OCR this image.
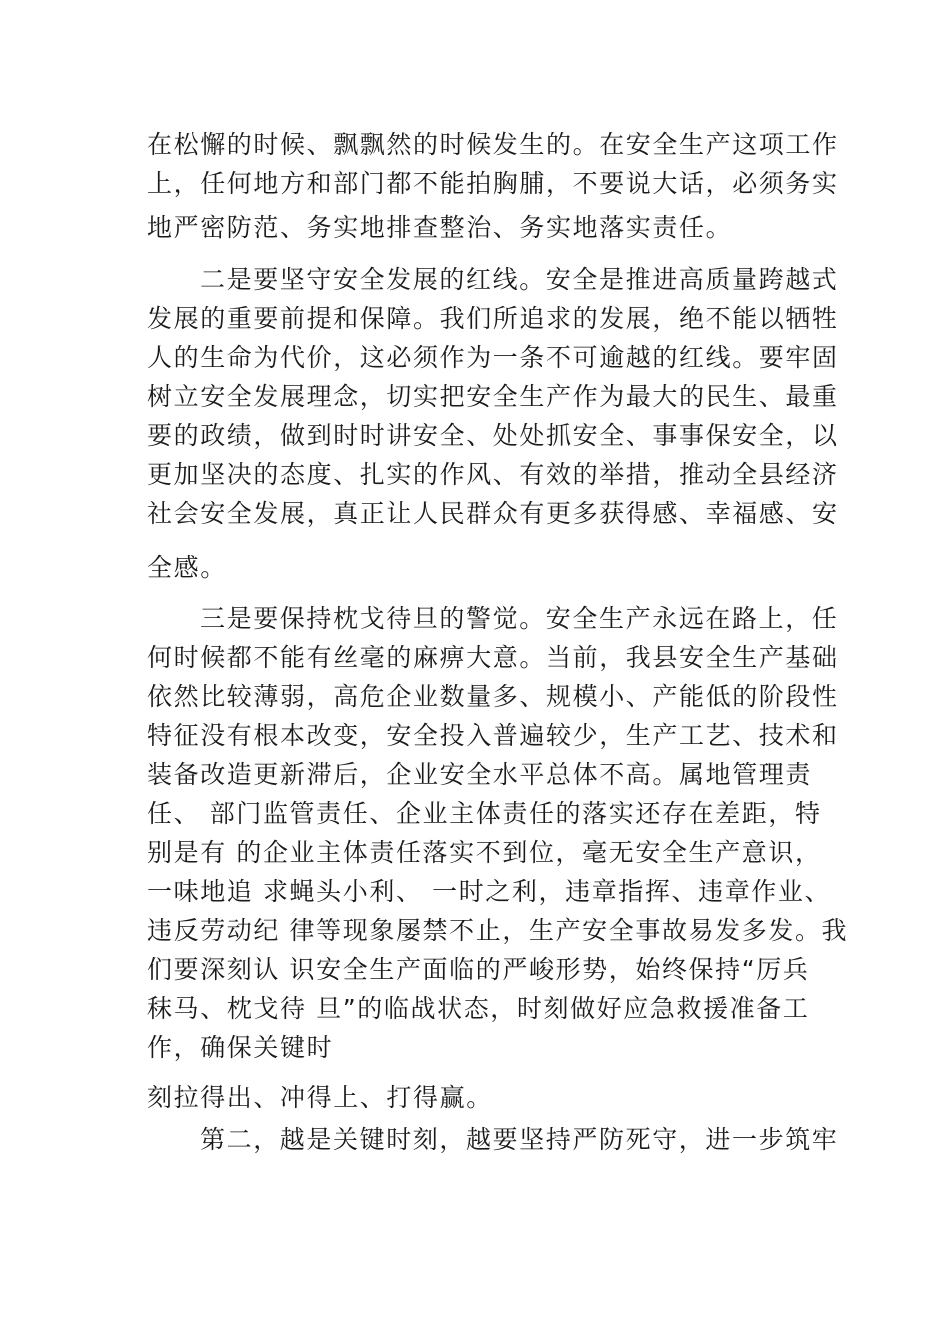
在松懈的时候、飘飘然的时候发生的。在安全生产这项工作
上，任何地方和部门都不能拍胸脯，不要说大话，必须务实
地严密防范、务实地排查整治、务实地落实责任。
二是要坚守安全发展的红线。安全是推进高质量跨越式
发展的重要前提和保障。我们所追求的发展，绝不能以牺牲
人的生命为代价，这必须作为一条不可逾越的红线。要牢固
树立安全发展理念，切实把安全生产作为最大的民生、最重
要的政绩，做到时时讲安全、处处抓安全、事事保安全，以
更加坚决的态度、扎实的作风、有效的举措，推动全县经济
社会安全发展，真正让人民群众有更多获得感、幸福感、安
全感。
三是要保持枕戈待旦的警觉。安全生产永远在路上，任
何时候都不能有丝毫的麻痹大意。当前，我县安全生产基础
依然比较薄弱，高危企业数量多、规模小、产能低的阶段性
特征没有根本改变，安全投入普遍较少，生产工艺、技术和
装备改造更新滞后，企业安全水平总体不高。属地管理责
任、 部门监管责任、企业主体责任的落实还存在差距，特
别是有 的企业主体责任落实不到位，毫无安全生产意识，
一味地追 求蝇头小利、 一时之利，违章指挥、违章作业、
违反劳动纪 律等现象屡禁不止，生产安全事故易发多发。我
们要深刻认 识安全生产面临的严峻形势，始终保持“厉兵
秣马、枕戈待 旦”的临战状态，时刻做好应急救援准备工
作，确保关键时
刻拉得出、冲得上、打得赢。
第二，越是关键时刻，越要坚持严防死守，进一步筑牢
